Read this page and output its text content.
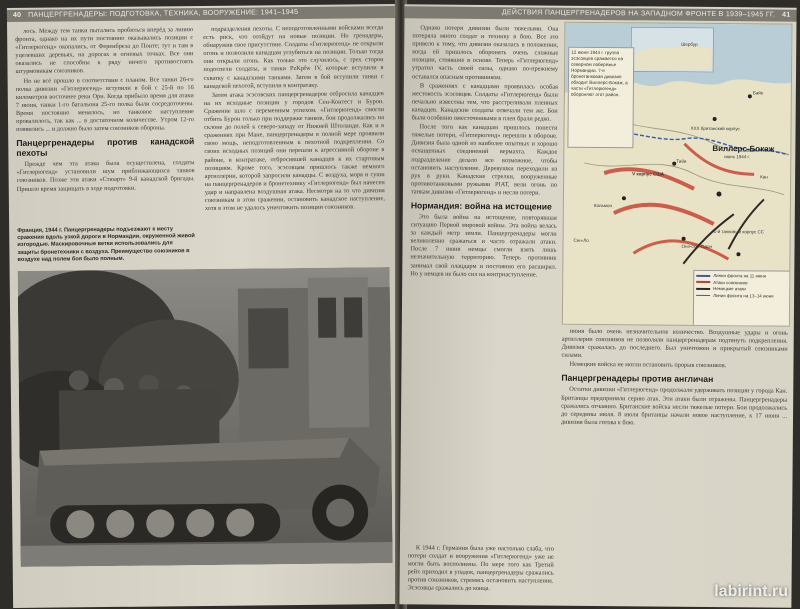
40 ПАНЦЕРГРЕНАДЕРЫ: ПОДГОТОВКА, ТЕХНИКА, ВООРУЖЕНИЕ: 1941–1945

лось. Между тем танки пытались пробиться вперёд за линию фронта, однако на их пути постоянно оказывались позиции с «Гитлерюгенд» окопались, от Ференбреза до Понте; тут и там в уцелевших деревьях, на дорогах и огневых точках. Все они оказались не способны к ряду ничего противостоять штурмовикам союзников.

Но не всё прошло в соответствии с планом. Все танки 26-го полка дивизии «Гитлерюгенд» вступили в бой с 25-й по 16 километров восточнее реки Орн. Когда прибыло время для атаки 7 июня, танки 1-го батальона 25-го полка были сосредоточены. Время постоянно менялось, но танковое наступление провалилось, так как ... в достаточном количестве. Утром 12-го появились ... и должно было затем союзников обороны.

Панцергренадеры против канадской пехоты

Прежде чем эта атака была осуществлена, солдаты «Гитлерюгенд» установили шум приближающихся танков союзников. Позже эти атаки «Стюарт» 9-й канадской бригады. Пришло время защищать в ходе подготовки.

подразделения пехоты. С неподготовленными войсками всегда есть риск, что отойдут на новые позиции. Но гренадеры, обнаружив свое присутствие. Солдаты «Гитлерюгенд» не открыли огонь и позволили канадцам углубиться на позиции. Только тогда они открыли огонь. Как только это случилось, с трех сторон подоспели солдаты, и танки PzKpfw IV, которые вступили в схватку с канадскими танками. Затем в бой вступили танки с канадской пехотой, вступили в контратаку.

Затем атака эсэсовских панцергренадеров отбросила канадцев на их исходные позиции у городов Сен-Контест и Бурон. Сражение шло с переменным успехом. «Гитлерюгенд» смогли отбить Бурон только при поддержке танков, бои продолжались на склоне до полей к северо-западу от Нижней Штоланди. Как и в сражениях при Мане, панцергренадеры в полной мере проявили свою мощь, неподготовленным к пехотной подкрепления. Со своих исходных позиций они перешли к агрессивной обороне в районе, в контратаке, отбросившей канадцев к их стартовым позициям. Кроме того, эсэсовцам пришлось также немного артиллерии, которой запросили канадцы. С воздуха, моря и суши на панцергренадеров и бронетехнику «Гитлерюгенд» был нанесен удар и направлена воздушная атака. Несмотря на то что дивизия союзникам в этом сражении, остановить канадское наступление, хотя в этом не удалось уничтожить позиции союзников.

Франция, 1944 г. Панцергренадеры подъезжают к месту сражения вдоль узкой дороги в Нормандии, окруженной живой изгородью. Маскировочные ветки использовались для защиты бронетехники с воздуха. Преимущество союзников в воздухе над полем боя было полным.
ДЕЙСТВИЯ ПАНЦЕРГРЕНАДЕРОВ НА ЗАПАДНОМ ФРОНТЕ В 1939–1945 ГГ. 41

Однако потери дивизии были тяжелыми. Она потеряла много солдат и технику в бою. Все это привело к тому, что дивизия оказалась в положении, когда ей пришлось оборонять очень сложные позиции, стоявшие в основе. Теперь «Гитлерюгенд» утратил часть своей силы, однако по-прежнему оставался опасным противником.

В сражениях с канадцами проявилась особая жестокость эсэсовцев. Солдаты «Гитлерюгенд» были печально известны тем, что расстреливали пленных канадцев. Канадские солдаты отвечали тем же. Бои были особенно ожесточенными в плен брали редко.

После того как канадцам пришлось понести тяжелые потери, «Гитлерюгенд» перешли к обороне. Дивизия была одной из наиболее опытных и хорошо оснащенных соединений вермахта. Каждое подразделение делало все возможное, чтобы остановить наступление. Деревушки переходили из рук в руки. Канадские стрелки, вооруженные противотанковыми ружьями PIAT, вели огонь по танкам дивизии «Гитлерюгенд» и несли потери.

Нормандия: война на истощение

Это была война на истощение, повторявшая ситуацию Первой мировой войны. Эта война велась за каждый метр земли. Панцергренадеры могли великолепно сражаться и часто отражали атаки. После 7 июня немцы смогли взять лишь незначительную территорию. Теперь противник занимал свой плацдарм и постоянно его расширял. Но у немцев не было сил на контрнаступление.

12 июня 1944 г. группа эсэсовцев сражается на северном побережье Нормандии. 7-я бронетанковая дивизия обходит Виллерс-Бокаж, а части «Гитлерюгенд» обороняют этот район.
Виллерс-Бокаж
июнь 1944 г.
Шербур
V корпус США
XXX британский корпус
Байе
Кан
Тийи
Кольмон
Сен-Ло
Онэ-сюр-Одон
1-й танковый корпус СС
Линия фронта на 11 июня
Атаки союзников
Немецкие атаки
Линия фронта на 13–14 июня

июня было очень незначительное количество. Воздушные удары и огонь артиллерии союзников не позволяли панцергренадерам подтянуть подкрепления. Дивизия сражалась до последнего. Был уничтожен и прикрытый союзниками силами.

Немецкие войска не могли остановить прорыв союзников.

Панцергренадеры против англичан

Остатки дивизии «Гитлерюгенд» продолжали удерживать позиции у города Кан. Британцы предприняли серию атак. Эти атаки были отражены. Панцергренадеры сражались отчаянно. Британские войска несли тяжелые потери. Бои продолжались до середины июля. 8 июля британцы начали новое наступление, к 17 июня ... дивизия была готова к бою.

К 1944 г. Германия была уже настолько слаба, что потери солдат и вооружения «Гитлерюгенд» уже не могли быть восполнены. По мере того как Третий рейх приходил в упадок, панцергренадеры сражались против союзников, стремясь остановить наступление. Эсэсовцы сражались до конца.	labirint.ru
